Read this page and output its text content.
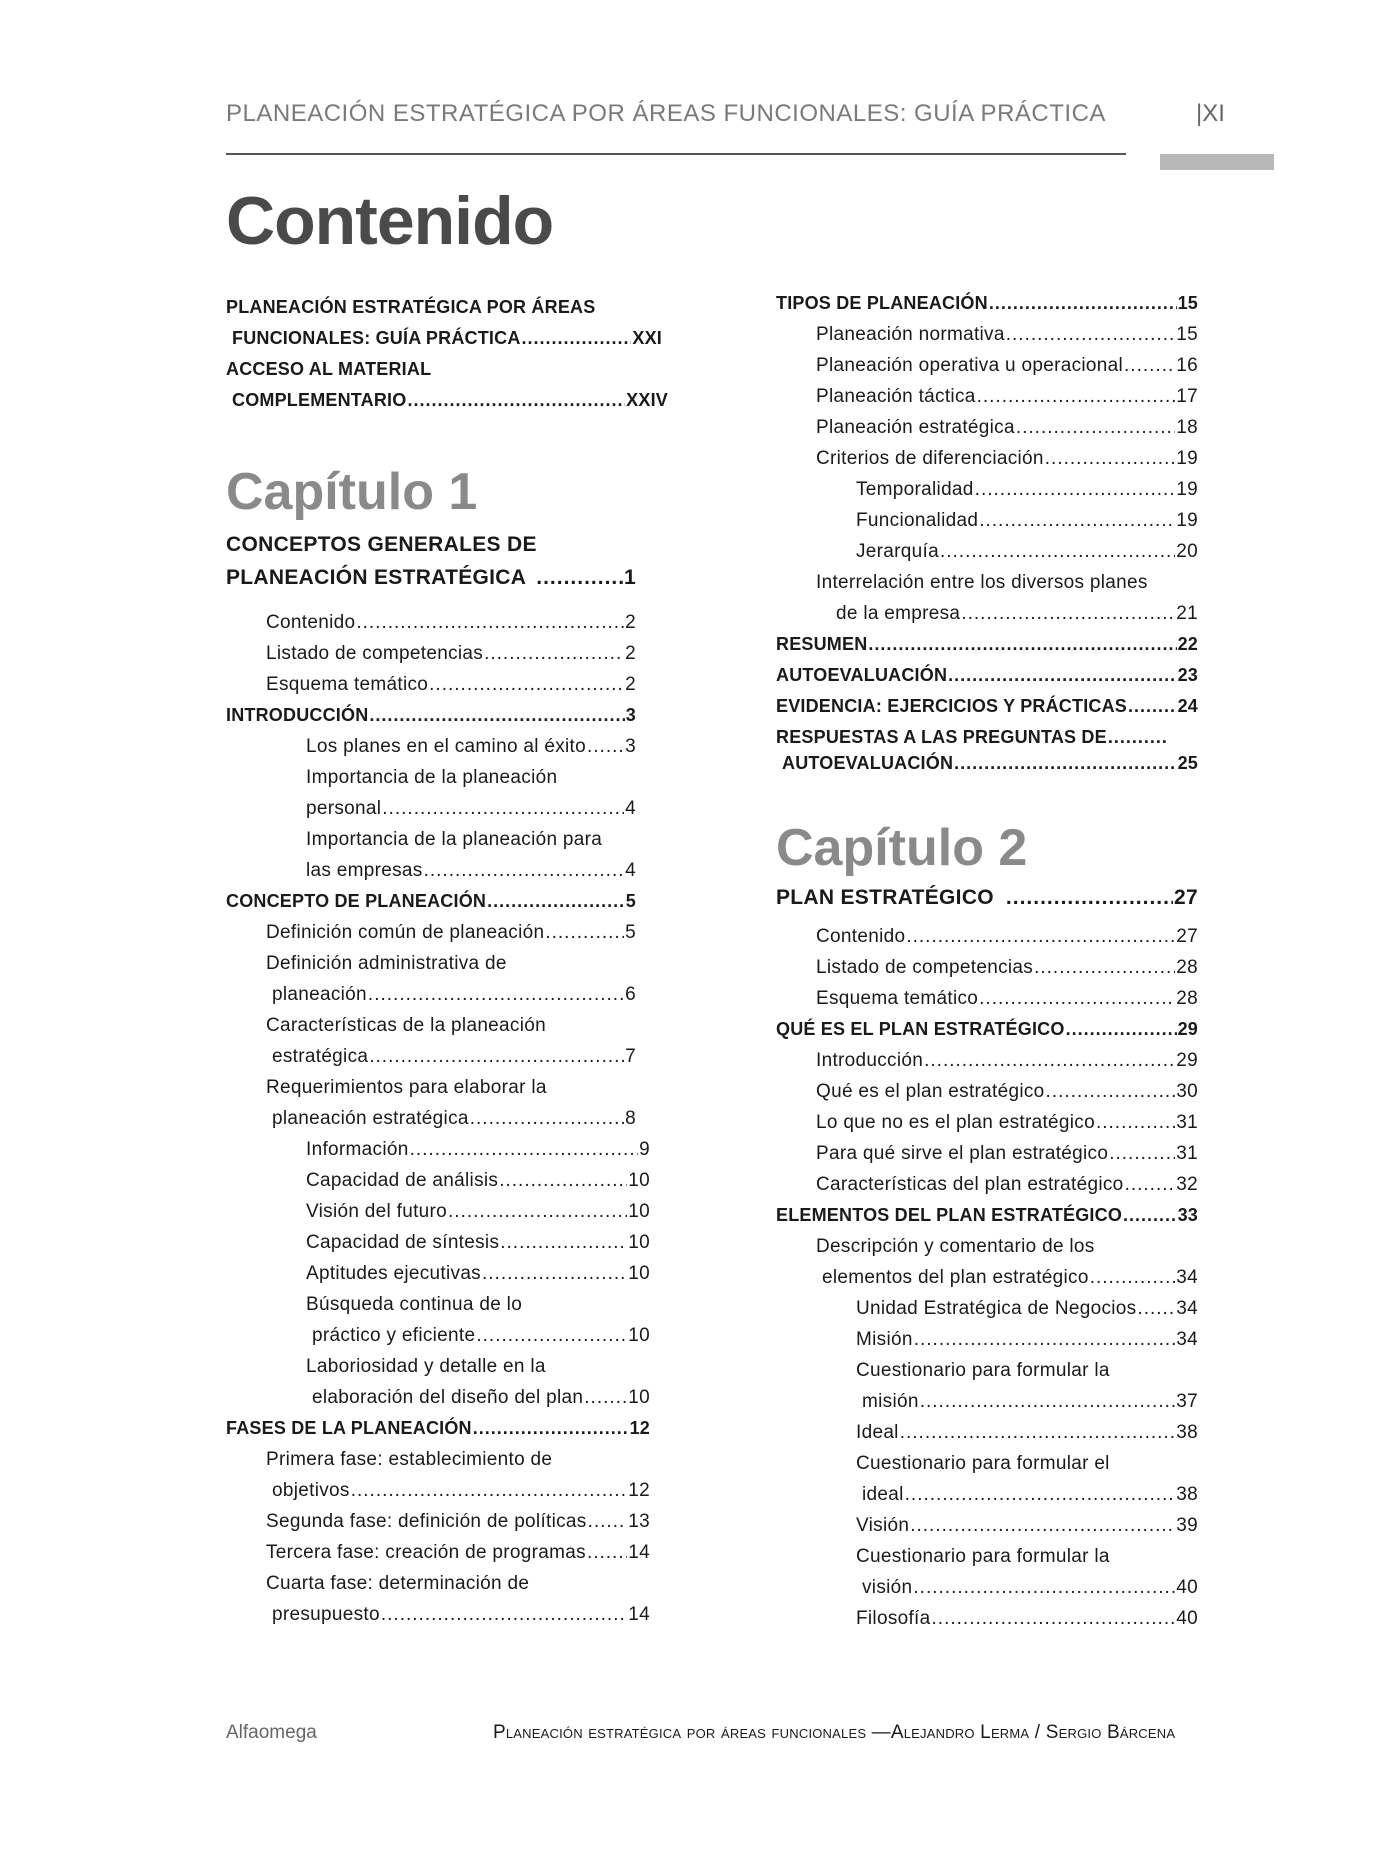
PLANEACIÓN ESTRATÉGICA POR ÁREAS FUNCIONALES: GUÍA PRÁCTICA	|XI
Contenido
PLANEACIÓN ESTRATÉGICA POR ÁREAS
FUNCIONALES: GUÍA PRÁCTICA .....	XXI
ACCESO AL MATERIAL
COMPLEMENTARIO .....	XXIV
Capítulo 1
CONCEPTOS GENERALES DE
PLANEACIÓN ESTRATÉGICA .....	1
Contenido .....	2
Listado de competencias .....	2
Esquema temático .....	2
INTRODUCCIÓN .....	3
Los planes en el camino al éxito ..... 3
Importancia de la planeación
personal .....	4
Importancia de la planeación para
las empresas .....	4
CONCEPTO DE PLANEACIÓN .....	5
Definición común de planeación .....	5
Definición administrativa de
planeación .....	6
Características de la planeación
estratégica .....	7
Requerimientos para elaborar la
planeación estratégica .....	8
Información .....	9
Capacidad de análisis .....	10
Visión del futuro .....	10
Capacidad de síntesis .....	10
Aptitudes ejecutivas .....	10
Búsqueda continua de lo
práctico y eficiente .....	10
Laboriosidad y detalle en la
elaboración del diseño del plan ..... 10
FASES DE LA PLANEACIÓN .....	12
Primera fase: establecimiento de
objetivos .....	12
Segunda fase: definición de políticas ..... 13
Tercera fase: creación de programas ..... 14
Cuarta fase: determinación de
presupuesto .....	14
TIPOS DE PLANEACIÓN .....	15
Planeación normativa .....	15
Planeación operativa u operacional .....	16
Planeación táctica .....	17
Planeación estratégica .....	18
Criterios de diferenciación .....	19
Temporalidad .....	19
Funcionalidad .....	19
Jerarquía .....	20
Interrelación entre los diversos planes
de la empresa .....	21
RESUMEN .....	22
AUTOEVALUACIÓN .....	23
EVIDENCIA: EJERCICIOS Y PRÁCTICAS .....	24
RESPUESTAS A LAS PREGUNTAS DE
.....
AUTOEVALUACIÓN .....	25
Capítulo 2
PLAN ESTRATÉGICO .....	27
Contenido .....	27
Listado de competencias .....	28
Esquema temático .....	28
QUÉ ES EL PLAN ESTRATÉGICO .....	29
Introducción .....	29
Qué es el plan estratégico .....	30
Lo que no es el plan estratégico .....	31
Para qué sirve el plan estratégico .....	31
Características del plan estratégico .....	32
ELEMENTOS DEL PLAN ESTRATÉGICO .....	33
Descripción y comentario de los
elementos del plan estratégico .....	34
Unidad Estratégica de Negocios ..... 34
Misión .....	34
Cuestionario para formular la
misión .....	37
Ideal .....	38
Cuestionario para formular el
ideal .....	38
Visión .....	39
Cuestionario para formular la
visión .....	40
Filosofía .....	40
Alfaomega	Planeación estratégica por áreas funcionales —Alejandro Lerma / Sergio Bárcena
